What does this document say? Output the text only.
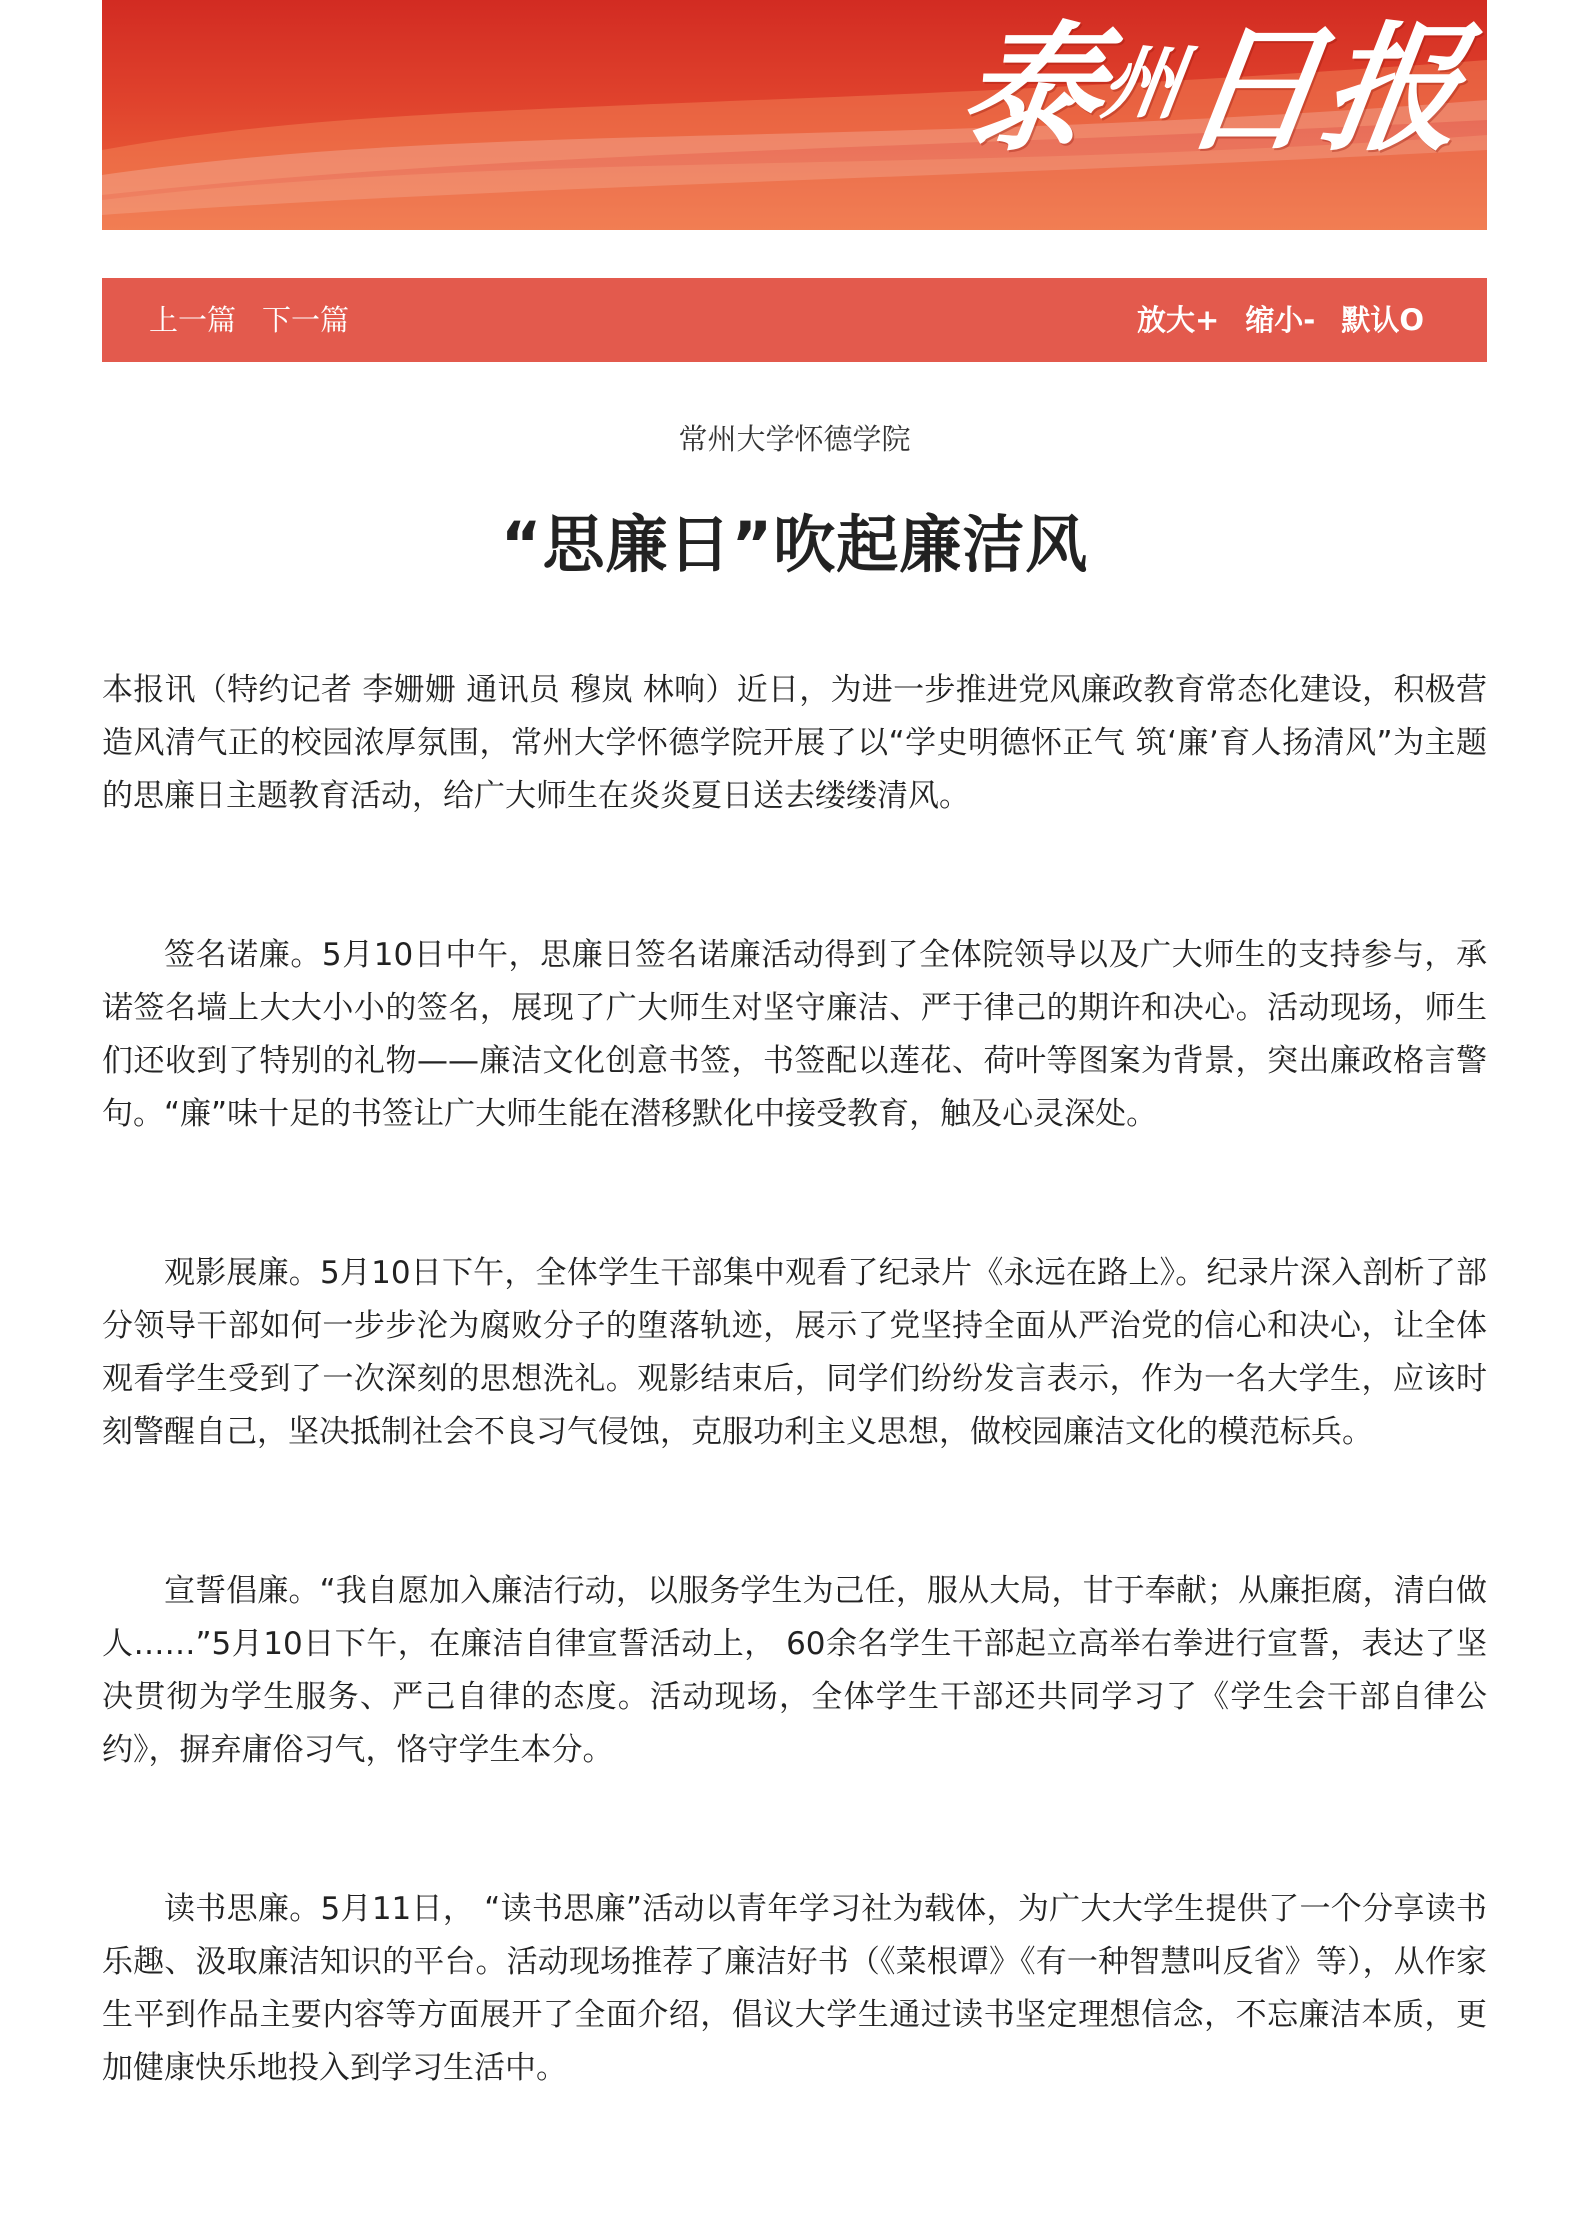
泰州日报
上一篇 下一篇	放大+ 缩小- 默认O
常州大学怀德学院
“思廉日”吹起廉洁风

本报讯（特约记者 李姗姗 通讯员 穆岚 林响）近日，为进一步推进党风廉政教育常态化建设，积极营造风清气正的校园浓厚氛围，常州大学怀德学院开展了以“学史明德怀正气 筑‘廉’育人扬清风”为主题的思廉日主题教育活动，给广大师生在炎炎夏日送去缕缕清风。

签名诺廉。5月10日中午，思廉日签名诺廉活动得到了全体院领导以及广大师生的支持参与，承诺签名墙上大大小小的签名，展现了广大师生对坚守廉洁、严于律己的期许和决心。活动现场，师生们还收到了特别的礼物——廉洁文化创意书签，书签配以莲花、荷叶等图案为背景，突出廉政格言警句。“廉”味十足的书签让广大师生能在潜移默化中接受教育，触及心灵深处。

观影展廉。5月10日下午，全体学生干部集中观看了纪录片《永远在路上》。纪录片深入剖析了部分领导干部如何一步步沦为腐败分子的堕落轨迹，展示了党坚持全面从严治党的信心和决心，让全体观看学生受到了一次深刻的思想洗礼。观影结束后，同学们纷纷发言表示，作为一名大学生，应该时刻警醒自己，坚决抵制社会不良习气侵蚀，克服功利主义思想，做校园廉洁文化的模范标兵。

宣誓倡廉。“我自愿加入廉洁行动，以服务学生为己任，服从大局，甘于奉献；从廉拒腐，清白做人……”5月10日下午，在廉洁自律宣誓活动上， 60余名学生干部起立高举右拳进行宣誓，表达了坚决贯彻为学生服务、严己自律的态度。活动现场，全体学生干部还共同学习了《学生会干部自律公约》，摒弃庸俗习气，恪守学生本分。

读书思廉。5月11日， “读书思廉”活动以青年学习社为载体，为广大大学生提供了一个分享读书乐趣、汲取廉洁知识的平台。活动现场推荐了廉洁好书（《菜根谭》《有一种智慧叫反省》等），从作家生平到作品主要内容等方面展开了全面介绍，倡议大学生通过读书坚定理想信念，不忘廉洁本质，更加健康快乐地投入到学习生活中。
